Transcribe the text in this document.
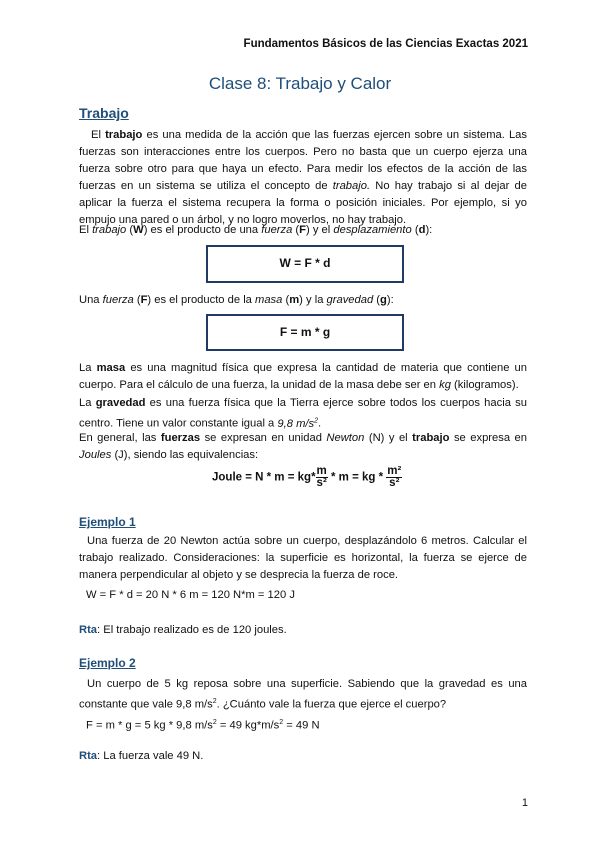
Fundamentos Básicos de las Ciencias Exactas 2021
Clase 8: Trabajo y Calor
Trabajo
El trabajo es una medida de la acción que las fuerzas ejercen sobre un sistema. Las fuerzas son interacciones entre los cuerpos. Pero no basta que un cuerpo ejerza una fuerza sobre otro para que haya un efecto. Para medir los efectos de la acción de las fuerzas en un sistema se utiliza el concepto de trabajo. No hay trabajo si al dejar de aplicar la fuerza el sistema recupera la forma o posición iniciales. Por ejemplo, si yo empujo una pared o un árbol, y no logro moverlos, no hay trabajo.
El trabajo (W) es el producto de una fuerza (F) y el desplazamiento (d):
W = F * d
Una fuerza (F) es el producto de la masa (m) y la gravedad (g):
F = m * g
La masa es una magnitud física que expresa la cantidad de materia que contiene un cuerpo. Para el cálculo de una fuerza, la unidad de la masa debe ser en kg (kilogramos).
La gravedad es una fuerza física que la Tierra ejerce sobre todos los cuerpos hacia su centro. Tiene un valor constante igual a 9,8 $m/s^2$.
En general, las fuerzas se expresan en unidad Newton (N) y el trabajo se expresa en Joules (J), siendo las equivalencias:
Joule = $N * m = kg* \frac{m}{\text{s²}} * m$ = kg * $\frac{\text{m²}}{\text{s²}}$
Ejemplo 1
Una fuerza de 20 Newton actúa sobre un cuerpo, desplazándolo 6 metros. Calcular el trabajo realizado. Consideraciones: la superficie es horizontal, la fuerza se ejerce de manera perpendicular al objeto y se desprecia la fuerza de roce.
W = F * d = 20 N * 6 m = 120 N*m = 120 J
Rta: El trabajo realizado es de 120 joules.
Ejemplo 2
Un cuerpo de 5 kg reposa sobre una superficie. Sabiendo que la gravedad es una constante que vale 9,8 $m/s^2$. ¿Cuánto vale la fuerza que ejerce el cuerpo?
F = m * g = 5 kg * 9,8 $m/s^2 = 49$ $kg*m/s^2 = 49$ N
Rta: La fuerza vale 49 N.
1
